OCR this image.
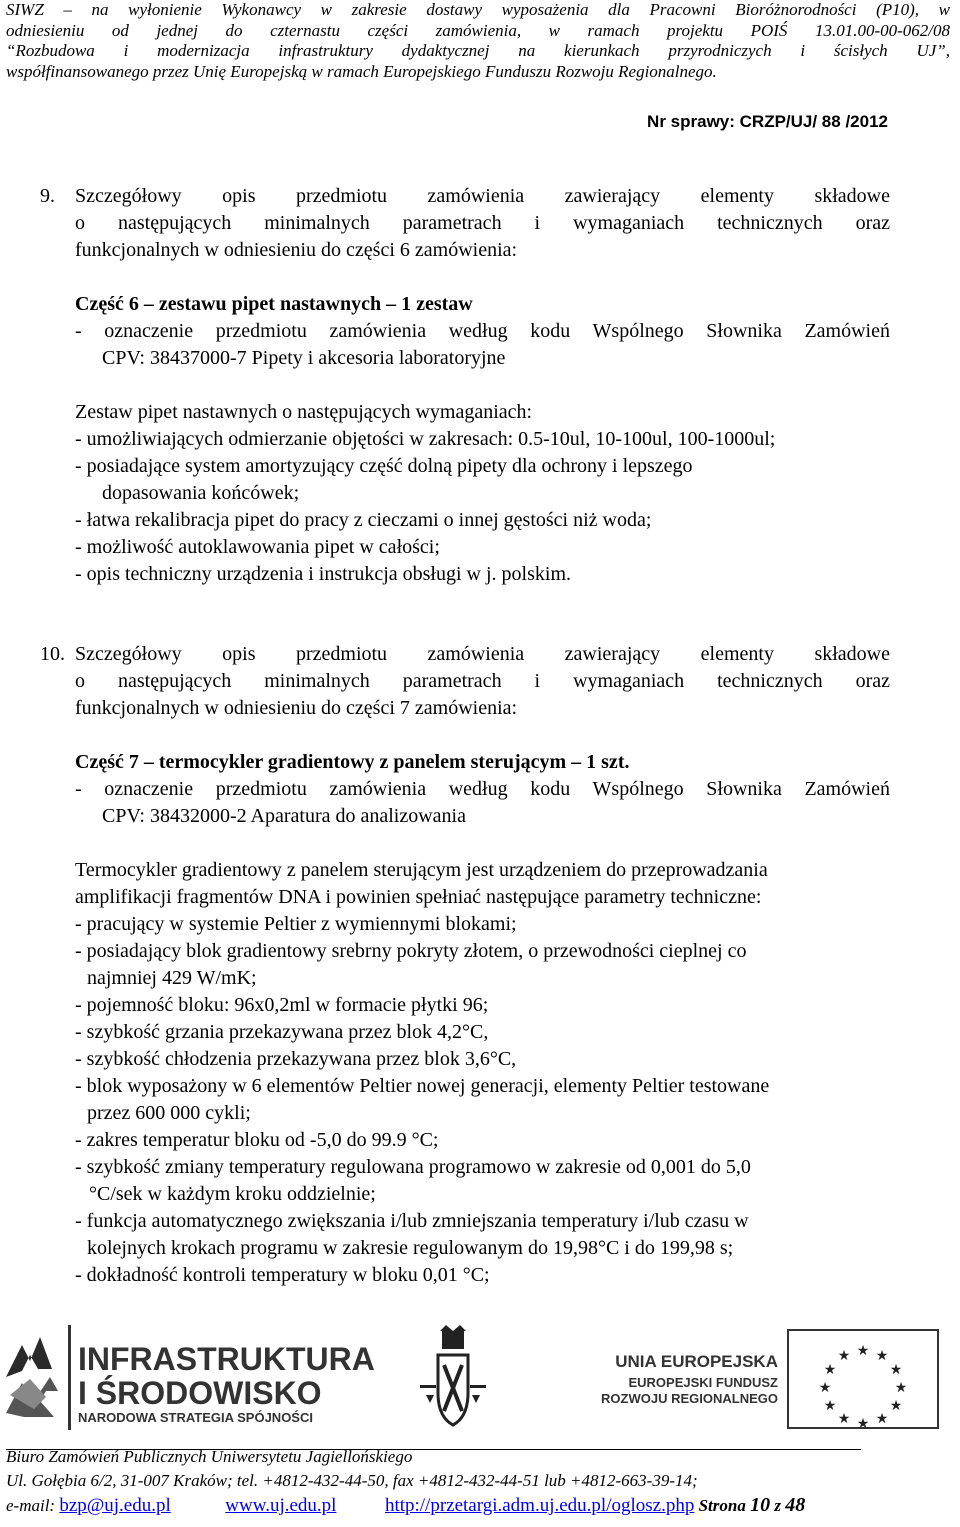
SIWZ – na wyłonienie Wykonawcy w zakresie dostawy wyposażenia dla Pracowni Bioróżnorodności (P10), w
odniesieniu od jednej do czternastu części zamówienia, w ramach projektu POIŚ 13.01.00-00-062/08
“Rozbudowa i modernizacja infrastruktury dydaktycznej na kierunkach przyrodniczych i ścisłych UJ”,
współfinansowanego przez Unię Europejską w ramach Europejskiego Funduszu Rozwoju Regionalnego.
Nr sprawy: CRZP/UJ/ 88 /2012
9. Szczegółowy opis przedmiotu zamówienia zawierający elementy składowe
o następujących minimalnych parametrach i wymaganiach technicznych oraz
funkcjonalnych w odniesieniu do części 6 zamówienia:
Część 6 – zestawu pipet nastawnych – 1 zestaw
- oznaczenie przedmiotu zamówienia według kodu Wspólnego Słownika Zamówień
CPV: 38437000-7 Pipety i akcesoria laboratoryjne
Zestaw pipet nastawnych o następujących wymaganiach:
- umożliwiających odmierzanie objętości w zakresach: 0.5-10ul, 10-100ul, 100-1000ul;
- posiadające system amortyzujący część dolną pipety dla ochrony i lepszego
dopasowania końcówek;
- łatwa rekalibracja pipet do pracy z cieczami o innej gęstości niż woda;
- możliwość autoklawowania pipet w całości;
- opis techniczny urządzenia i instrukcja obsługi w j. polskim.
10. Szczegółowy opis przedmiotu zamówienia zawierający elementy składowe
o następujących minimalnych parametrach i wymaganiach technicznych oraz
funkcjonalnych w odniesieniu do części 7 zamówienia:
Część 7 – termocykler gradientowy z panelem sterującym – 1 szt.
- oznaczenie przedmiotu zamówienia według kodu Wspólnego Słownika Zamówień
CPV: 38432000-2 Aparatura do analizowania
Termocykler gradientowy z panelem sterującym jest urządzeniem do przeprowadzania
amplifikacji fragmentów DNA i powinien spełniać następujące parametry techniczne:
- pracujący w systemie Peltier z wymiennymi blokami;
- posiadający blok gradientowy srebrny pokryty złotem, o przewodności cieplnej co
najmniej 429 W/mK;
- pojemność bloku: 96x0,2ml w formacie płytki 96;
- szybkość grzania przekazywana przez blok 4,2°C,
- szybkość chłodzenia przekazywana przez blok 3,6°C,
- blok wyposażony w 6 elementów Peltier nowej generacji, elementy Peltier testowane
przez 600 000 cykli;
- zakres temperatur bloku od -5,0 do 99.9 °C;
- szybkość zmiany temperatury regulowana programowo w zakresie od 0,001 do 5,0
°C/sek w każdym kroku oddzielnie;
- funkcja automatycznego zwiększania i/lub zmniejszania temperatury i/lub czasu w
kolejnych krokach programu w zakresie regulowanym do 19,98°C i do 199,98 s;
- dokładność kontroli temperatury w bloku 0,01 °C;
INFRASTRUKTURA
I ŚRODOWISKO
NARODOWA STRATEGIA SPÓJNOŚCI
UNIA EUROPEJSKA
EUROPEJSKI FUNDUSZ
ROZWOJU REGIONALNEGO
★ ★
★
★
★
★
★
★
★
★
★
★
Biuro Zamówień Publicznych Uniwersytetu Jagiellońskiego
Ul. Gołębia 6/2, 31-007 Kraków; tel. +4812-432-44-50, fax +4812-432-44-51 lub +4812-663-39-14;
e-mail: bzp@uj.edu.pl	www.uj.edu.pl	http://przetargi.adm.uj.edu.pl/oglosz.php Strona 10 z 48
